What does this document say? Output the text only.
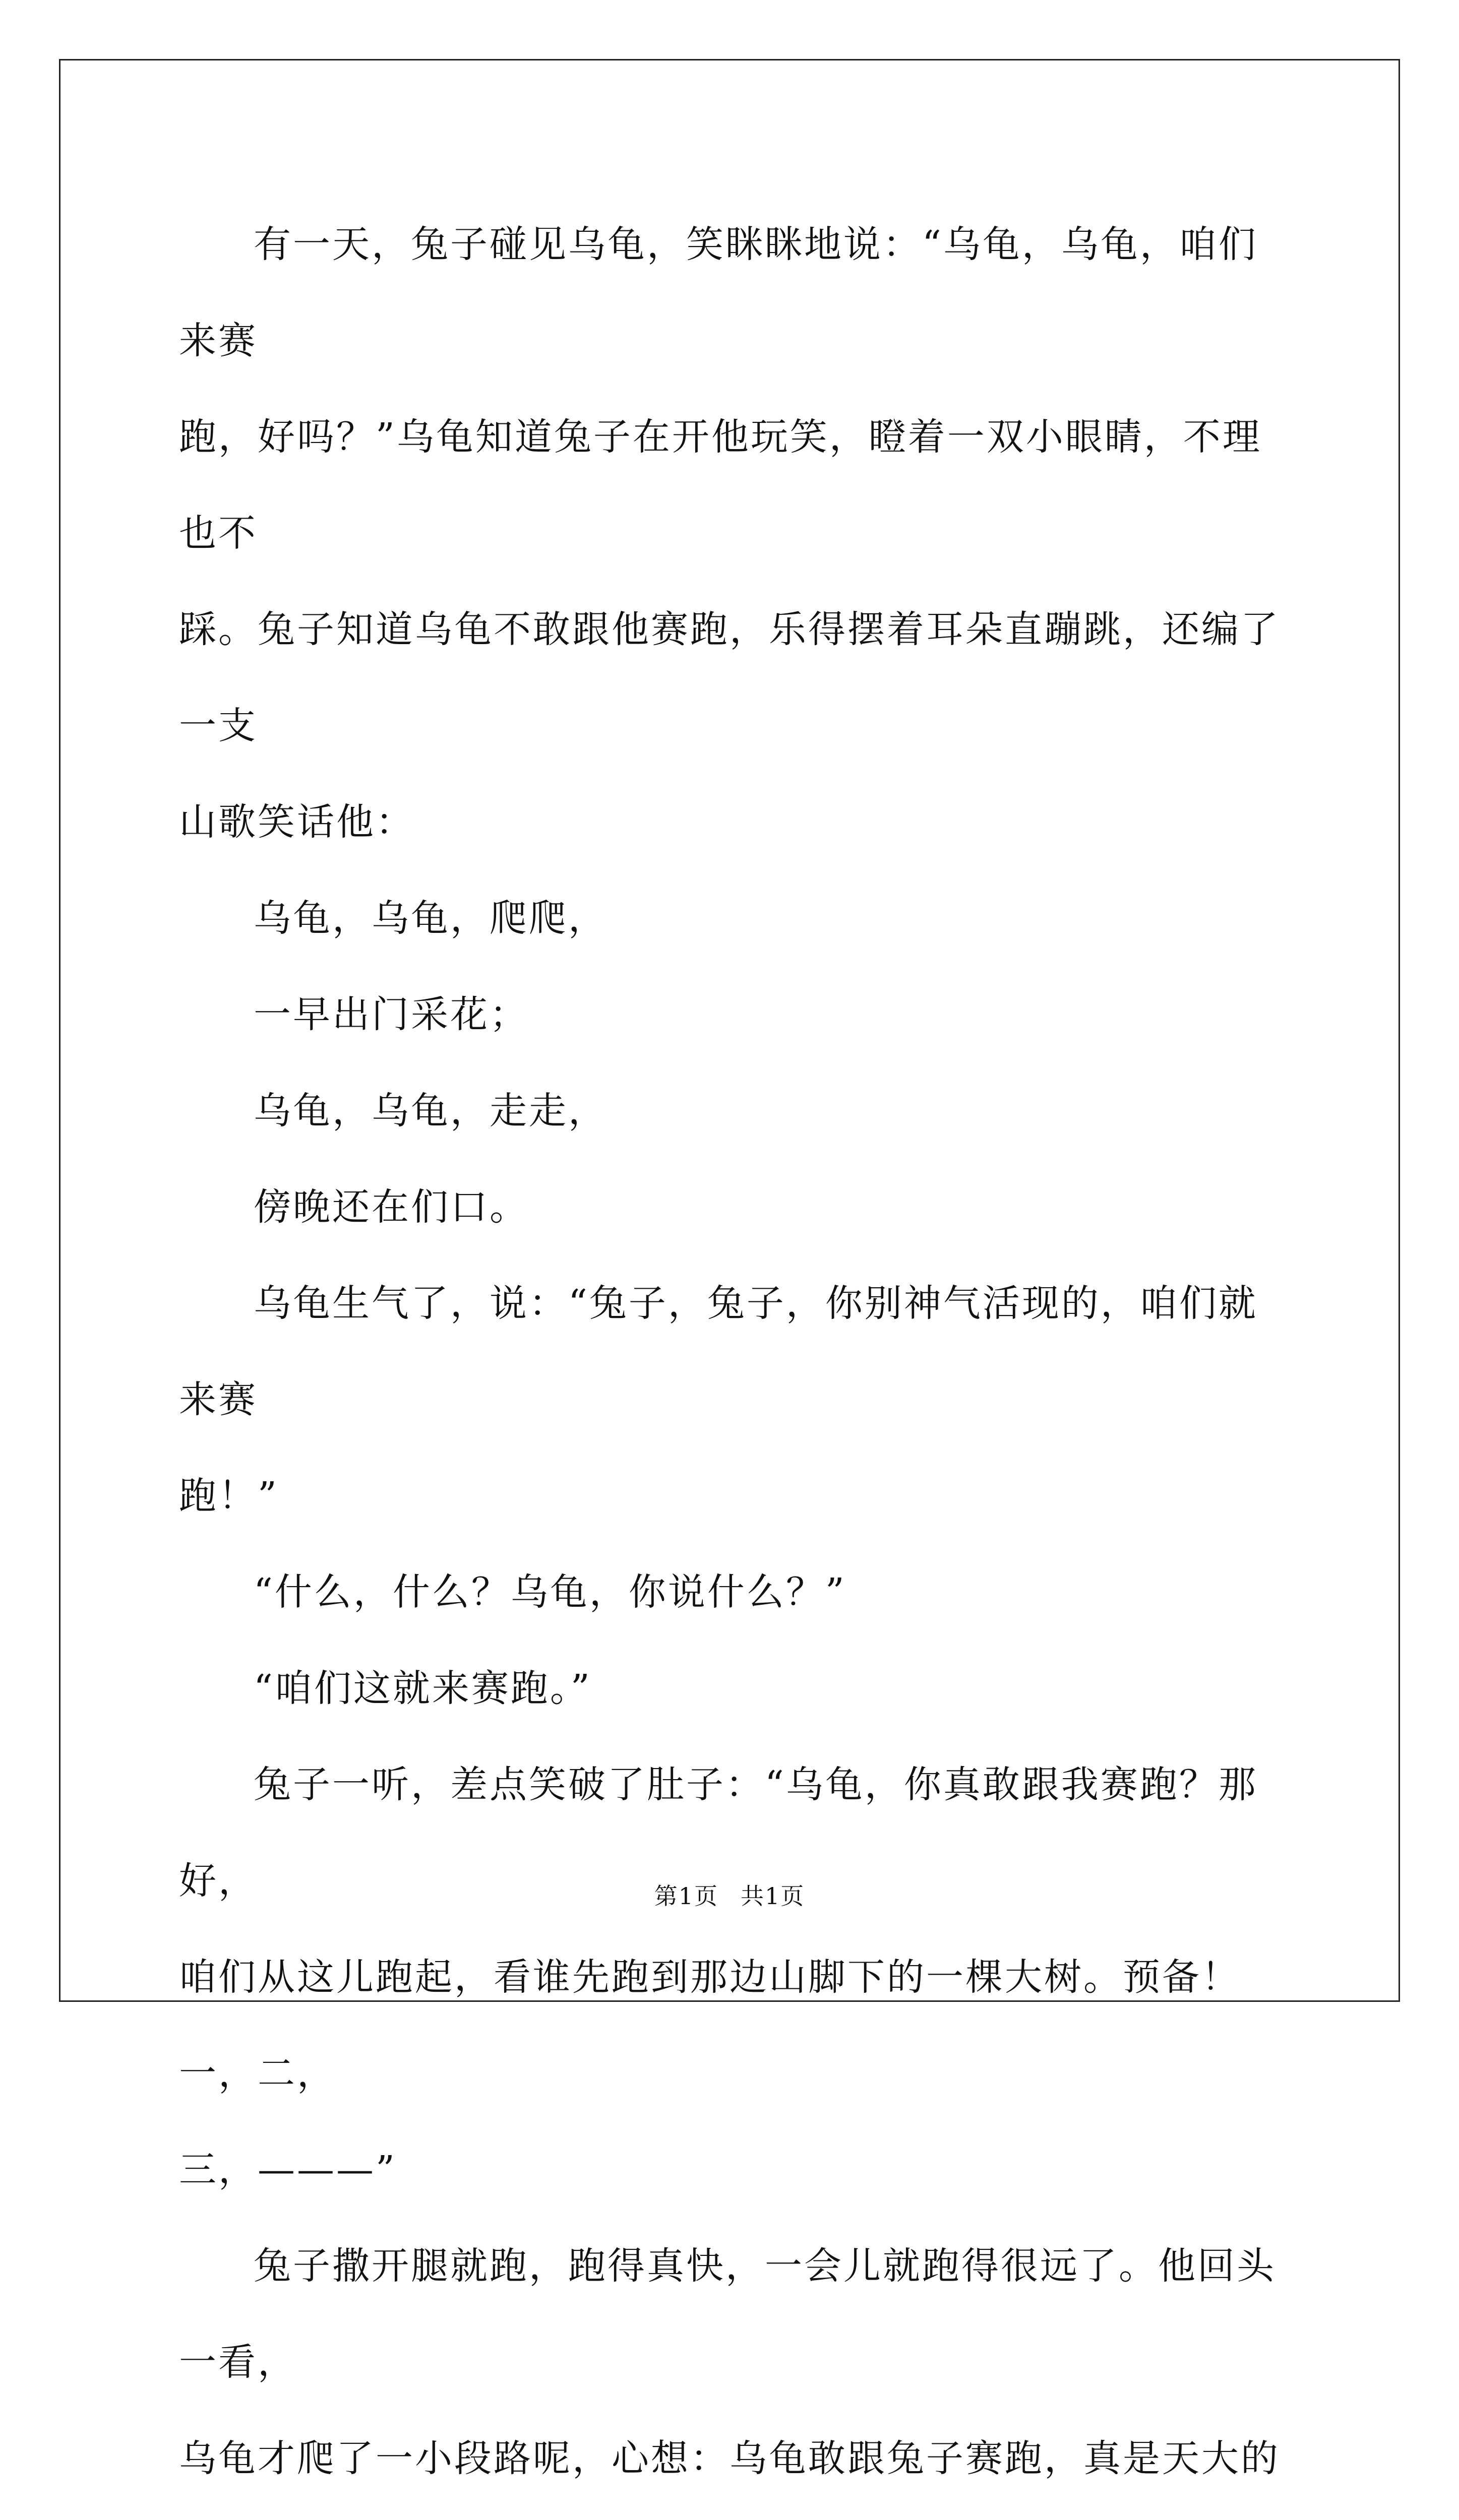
有一天，兔子碰见乌龟，笑眯眯地说：“乌龟，乌龟，咱们来赛
跑，好吗？”乌龟知道兔子在开他玩笑，瞪着一双小眼睛，不理也不
踩。兔子知道乌龟不敢跟他赛跑，乐得摆着耳朵直蹦跳，还编了一支
山歌笑话他：

乌龟，乌龟，爬爬，

一早出门采花；

乌龟，乌龟，走走，

傍晚还在们口。

乌龟生气了，说：“兔子，兔子，你别神气活现的，咱们就来赛
跑！”

“什么，什么？乌龟，你说什么？”

“咱们这就来赛跑。”

兔子一听，差点笑破了肚子：“乌龟，你真敢跟我赛跑？那好，
咱们从这儿跑起，看谁先跑到那边山脚下的一棵大树。预备！一，二，
三，———”

兔子撒开腿就跑，跑得真快，一会儿就跑得很远了。他回头一看，
乌龟才爬了一小段路呢，心想：乌龟敢跟兔子赛跑，真是天大的

第1页 共1页
